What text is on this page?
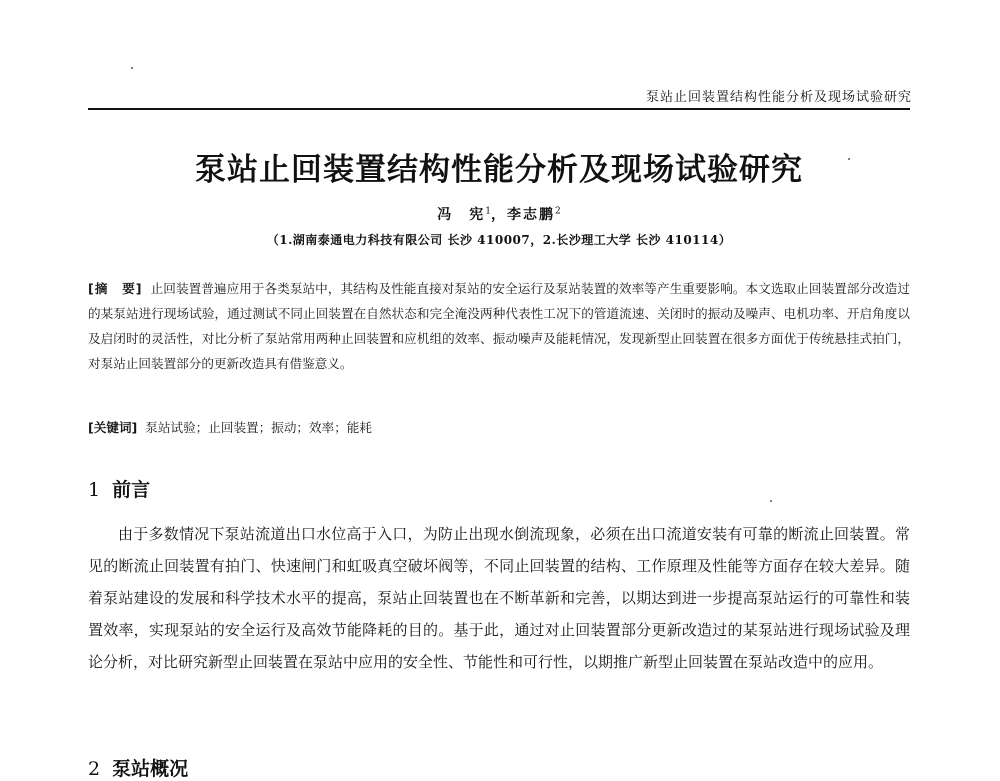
泵站止回装置结构性能分析及现场试验研究
泵站止回装置结构性能分析及现场试验研究
冯　宪$^1$，李志鹏$^2$
（1.湖南泰通电力科技有限公司 长沙 410007，2.长沙理工大学 长沙 410114）
[摘　要] 止回装置普遍应用于各类泵站中，其结构及性能直接对泵站的安全运行及泵站装置的效率等产生重要影响。本文选取止回装置部分改造过的某泵站进行现场试验，通过测试不同止回装置在自然状态和完全淹没两种代表性工况下的管道流速、关闭时的振动及噪声、电机功率、开启角度以及启闭时的灵活性，对比分析了泵站常用两种止回装置和应机组的效率、振动噪声及能耗情况，发现新型止回装置在很多方面优于传统悬挂式拍门，对泵站止回装置部分的更新改造具有借鉴意义。
[关键词] 泵站试验；止回装置；振动；效率；能耗
1 前言

由于多数情况下泵站流道出口水位高于入口，为防止出现水倒流现象，必须在出口流道安装有可靠的断流止回装置。常见的断流止回装置有拍门、快速闸门和虹吸真空破坏阀等，不同止回装置的结构、工作原理及性能等方面存在较大差异。随着泵站建设的发展和科学技术水平的提高，泵站止回装置也在不断革新和完善，以期达到进一步提高泵站运行的可靠性和装置效率，实现泵站的安全运行及高效节能降耗的目的。基于此，通过对止回装置部分更新改造过的某泵站进行现场试验及理论分析，对比研究新型止回装置在泵站中应用的安全性、节能性和可行性，以期推广新型止回装置在泵站改造中的应用。

2 泵站概况
